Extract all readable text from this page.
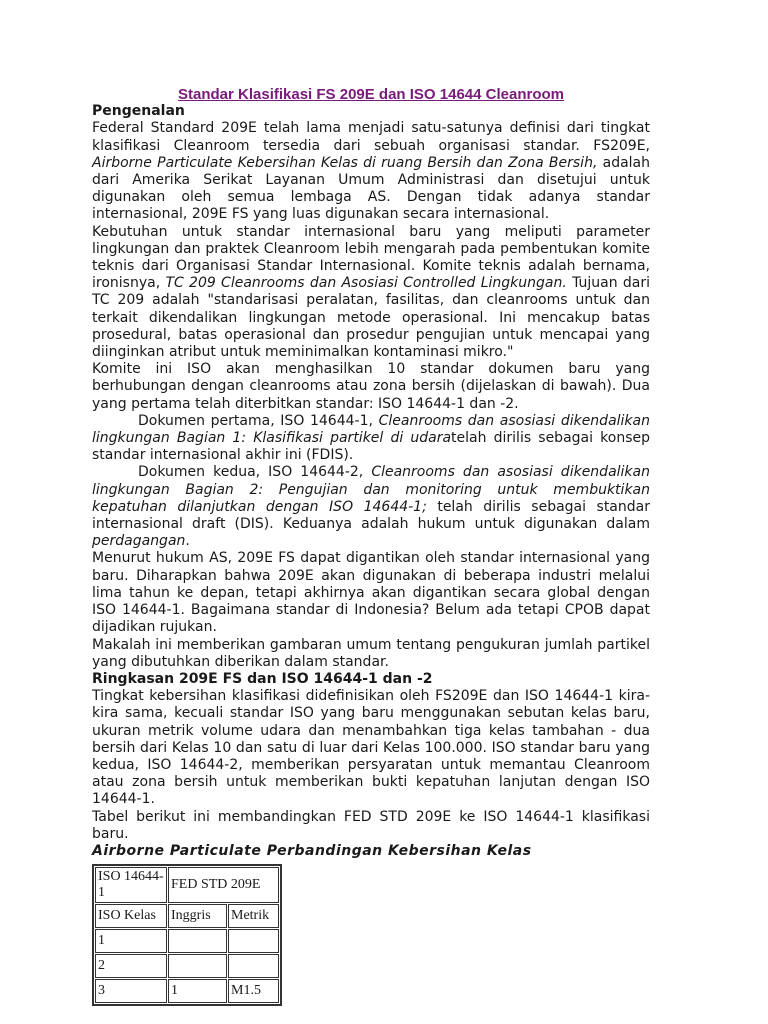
Standar Klasifikasi FS 209E dan ISO 14644 Cleanroom

Pengenalan

Federal Standard 209E telah lama menjadi satu-satunya definisi dari tingkat klasifikasi Cleanroom tersedia dari sebuah organisasi standar. FS209E, Airborne Particulate Kebersihan Kelas di ruang Bersih dan Zona Bersih, adalah dari Amerika Serikat Layanan Umum Administrasi dan disetujui untuk digunakan oleh semua lembaga AS. Dengan tidak adanya standar internasional, 209E FS yang luas digunakan secara internasional.

Kebutuhan untuk standar internasional baru yang meliputi parameter lingkungan dan praktek Cleanroom lebih mengarah pada pembentukan komite teknis dari Organisasi Standar Internasional. Komite teknis adalah bernama, ironisnya, TC 209 Cleanrooms dan Asosiasi Controlled Lingkungan. Tujuan dari TC 209 adalah "standarisasi peralatan, fasilitas, dan cleanrooms untuk dan terkait dikendalikan lingkungan metode operasional. Ini mencakup batas prosedural, batas operasional dan prosedur pengujian untuk mencapai yang diinginkan atribut untuk meminimalkan kontaminasi mikro."

Komite ini ISO akan menghasilkan 10 standar dokumen baru yang berhubungan dengan cleanrooms atau zona bersih (dijelaskan di bawah). Dua yang pertama telah diterbitkan standar: ISO 14644-1 dan -2.

Dokumen pertama, ISO 14644-1, Cleanrooms dan asosiasi dikendalikan lingkungan Bagian 1: Klasifikasi partikel di udaratelah dirilis sebagai konsep standar internasional akhir ini (FDIS).

Dokumen kedua, ISO 14644-2, Cleanrooms dan asosiasi dikendalikan lingkungan Bagian 2: Pengujian dan monitoring untuk membuktikan kepatuhan dilanjutkan dengan ISO 14644-1; telah dirilis sebagai standar internasional draft (DIS). Keduanya adalah hukum untuk digunakan dalam perdagangan.

Menurut hukum AS, 209E FS dapat digantikan oleh standar internasional yang baru. Diharapkan bahwa 209E akan digunakan di beberapa industri melalui lima tahun ke depan, tetapi akhirnya akan digantikan secara global dengan ISO 14644-1. Bagaimana standar di Indonesia? Belum ada tetapi CPOB dapat dijadikan rujukan.

Makalah ini memberikan gambaran umum tentang pengukuran jumlah partikel yang dibutuhkan diberikan dalam standar.

Ringkasan 209E FS dan ISO 14644-1 dan -2

Tingkat kebersihan klasifikasi didefinisikan oleh FS209E dan ISO 14644-1 kira-kira sama, kecuali standar ISO yang baru menggunakan sebutan kelas baru, ukuran metrik volume udara dan menambahkan tiga kelas tambahan - dua bersih dari Kelas 10 dan satu di luar dari Kelas 100.000. ISO standar baru yang kedua, ISO 14644-2, memberikan persyaratan untuk memantau Cleanroom atau zona bersih untuk memberikan bukti kepatuhan lanjutan dengan ISO 14644-1.

Tabel berikut ini membandingkan FED STD 209E ke ISO 14644-1 klasifikasi baru.

Airborne Particulate Perbandingan Kebersihan Kelas

ISO 14644-1	FED STD 209E	
ISO Kelas	Inggris	Metrik
1		
2		
3	1	M1.5
